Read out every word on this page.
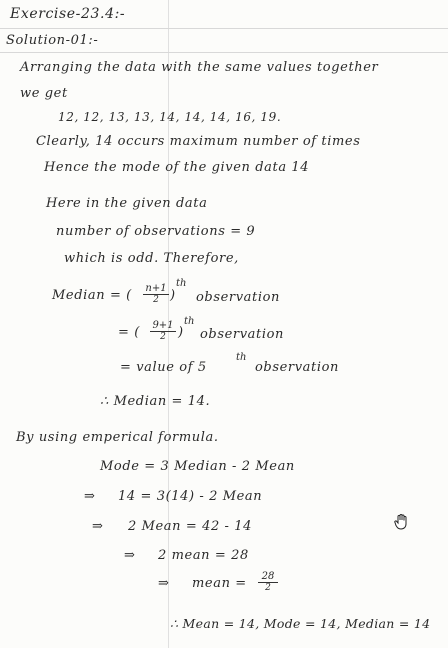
Exercise-23.4:-
Solution-01:-
Arranging the data with the same values together
we get
12, 12, 13, 13, 14, 14, 14, 16, 19.
Clearly, 14 occurs maximum number of times
Hence the mode of the given data 14
Here in the given data
number of observations = 9
which is odd. Therefore,
Median = ( $\frac{n+1}{2}$ )
th
observation
= ( $\frac{9+1}{2}$ )
th
observation
= value of 5
th
observation
∴ Median = 14.
By using emperical formula.
Mode = 3 Median - 2 Mean
⇒ 14 = 3(14) - 2 Mean
⇒ 2 Mean = 42 - 14
⇒ 2 mean = 28
⇒ mean = $\frac{28}{2}$
∴ Mean = 14, Mode = 14, Median = 14
